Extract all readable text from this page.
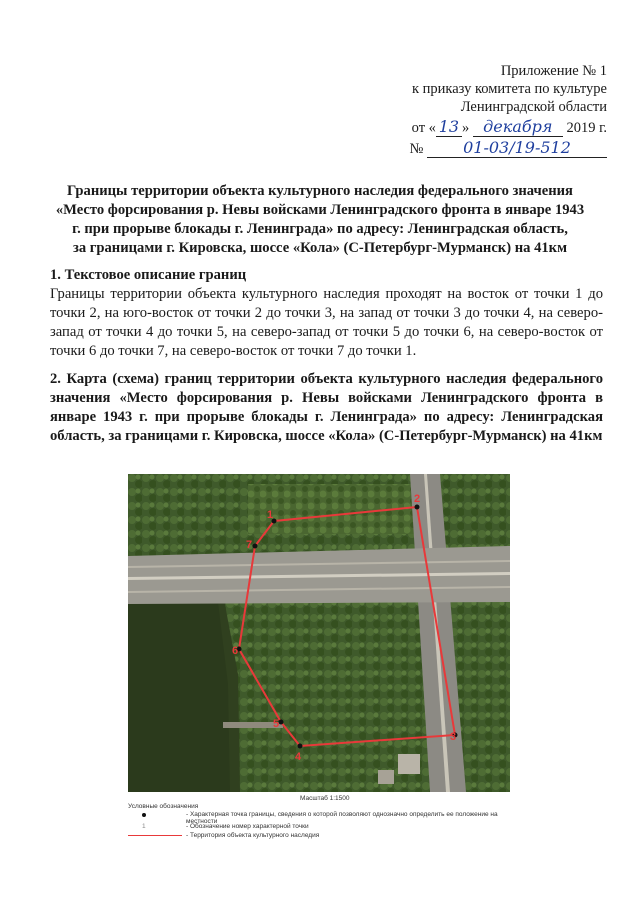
Приложение № 1
к приказу комитета по культуре
Ленинградской области
от « 13 » декабря 2019 г.
№ 01-03/19-512
Границы территории объекта культурного наследия федерального значения
«Место форсирования р. Невы войсками Ленинградского фронта в январе 1943
г. при прорыве блокады г. Ленинграда» по адресу: Ленинградская область,
за границами г. Кировска, шоссе «Кола» (С-Петербург-Мурманск) на 41км
1. Текстовое описание границ
Границы территории объекта культурного наследия проходят на восток от точки 1 до точки 2, на юго-восток от точки 2 до точки 3, на запад от точки 3 до точки 4, на северо-запад от точки 4 до точки 5, на северо-запад от точки 5 до точки 6, на северо-восток от точки 6 до точки 7, на северо-восток от точки 7 до точки 1.
2. Карта (схема) границ территории объекта культурного наследия федерального значения «Место форсирования р. Невы войсками Ленинградского фронта в январе 1943 г. при прорыве блокады г. Ленинграда» по адресу: Ленинградская область, за границами г. Кировска, шоссе «Кола» (С-Петербург-Мурманск) на 41км
1
2
3
4
5
6
7
Масштаб 1:1500
Условные обозначения
- Характерная точка границы, сведения о которой позволяют однозначно определить ее положение на местности
1	- Обозначение номер характерной точки
- Территория объекта культурного наследия
